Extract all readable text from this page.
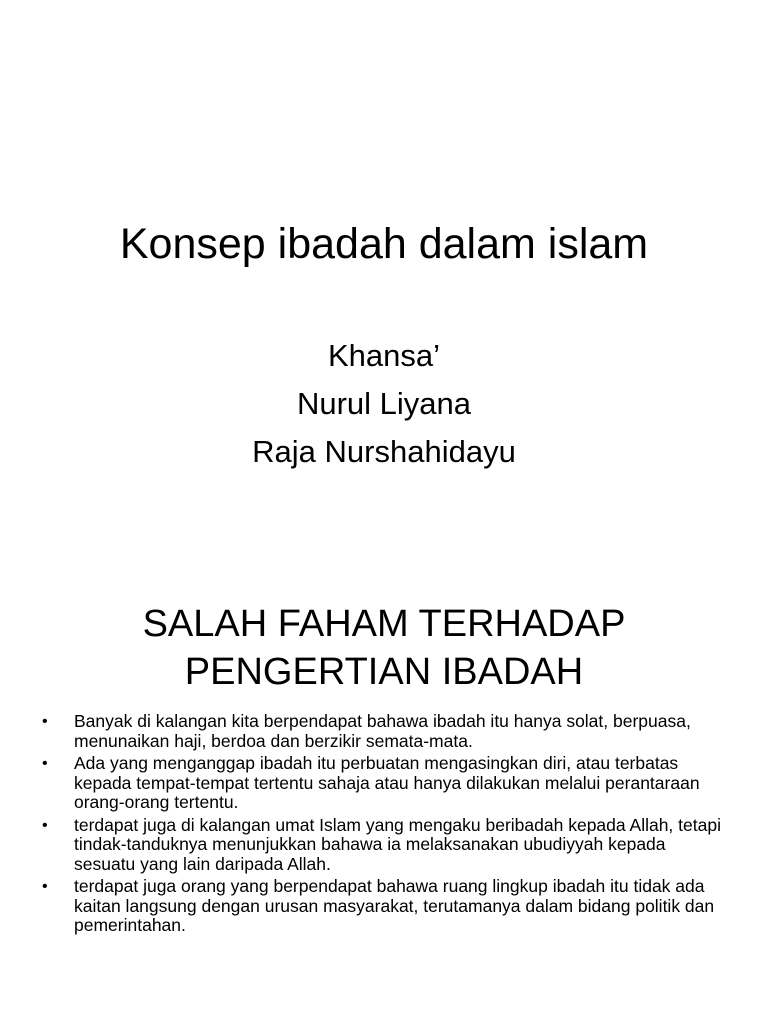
Konsep ibadah dalam islam
Khansa’
Nurul Liyana
Raja Nurshahidayu
SALAH FAHAM TERHADAP
PENGERTIAN IBADAH
• Banyak di kalangan kita berpendapat bahawa ibadah itu hanya solat, berpuasa, menunaikan haji, berdoa dan berzikir semata-mata.
• Ada yang menganggap ibadah itu perbuatan mengasingkan diri, atau terbatas kepada tempat-tempat tertentu sahaja atau hanya dilakukan melalui perantaraan orang-orang tertentu.
• terdapat juga di kalangan umat Islam yang mengaku beribadah kepada Allah, tetapi tindak-tanduknya menunjukkan bahawa ia melaksanakan ubudiyyah kepada sesuatu yang lain daripada Allah.
• terdapat juga orang yang berpendapat bahawa ruang lingkup ibadah itu tidak ada kaitan langsung dengan urusan masyarakat, terutamanya dalam bidang politik dan pemerintahan.
